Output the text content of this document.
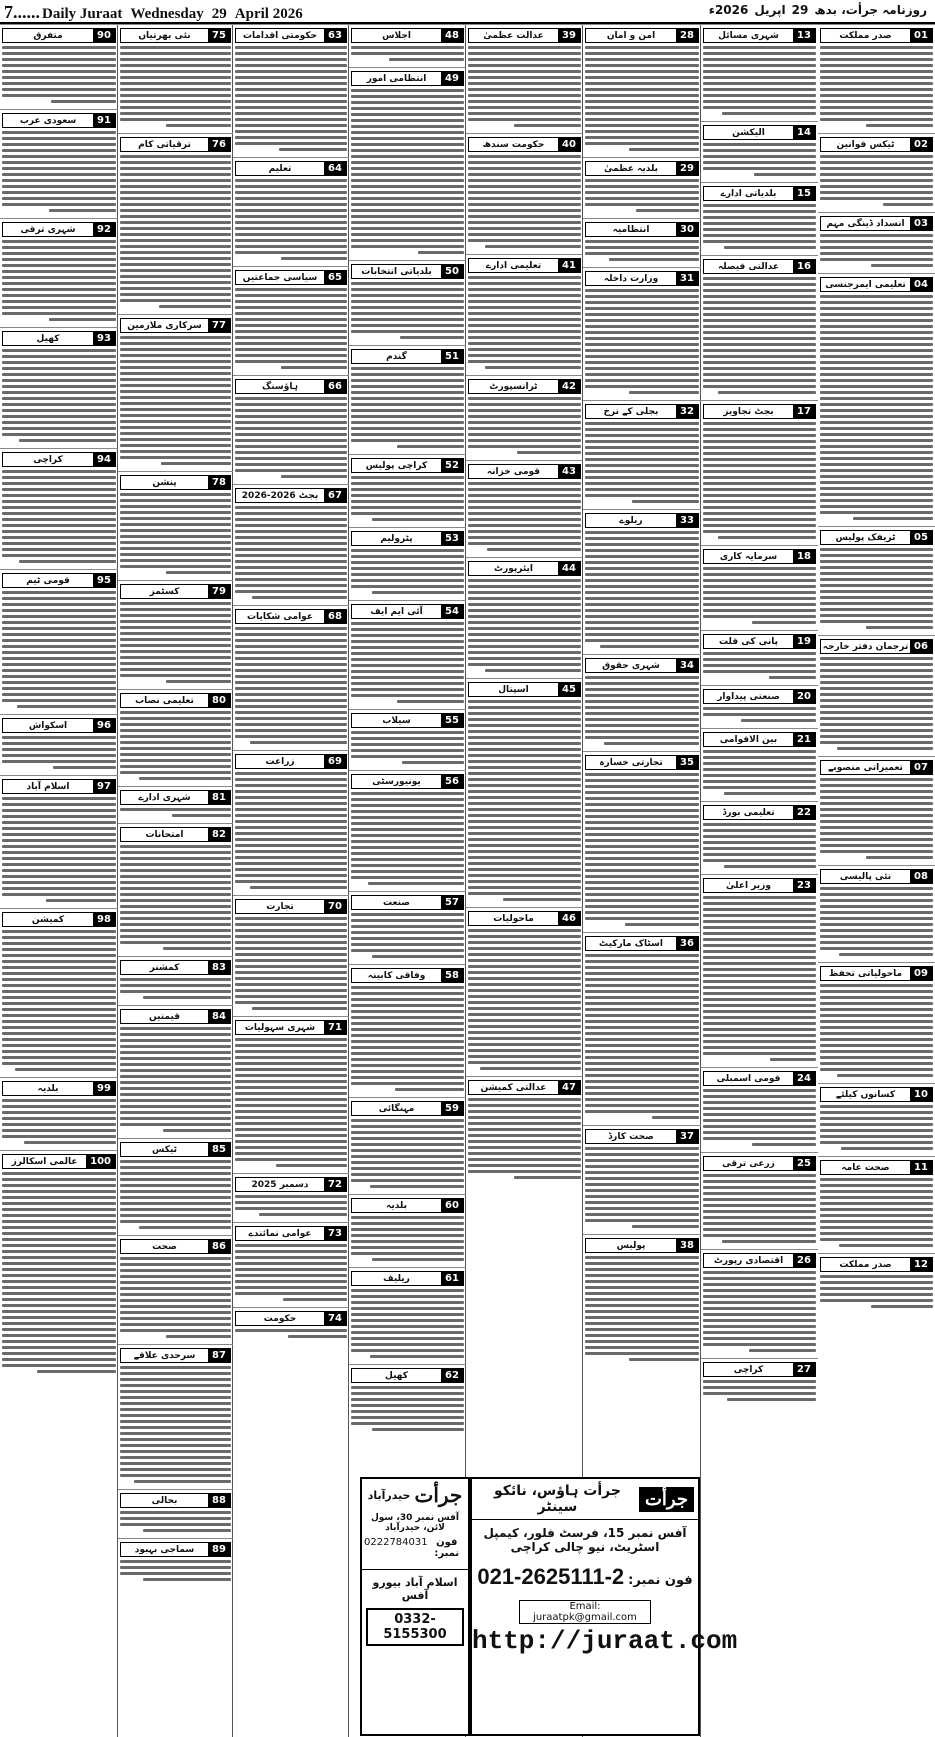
7...... Daily Juraat Wednesday 29 April 2026	روزنامہ جرأت، بدھ29اپریل2026ء
01
صدر مملکت
02
ٹیکس قوانین
03
انسداد ڈینگی مہم
04
تعلیمی ایمرجنسی
05
ٹریفک پولیس
06
ترجمان دفتر خارجہ
07
تعمیراتی منصوبے
08
نئی پالیسی
09
ماحولیاتی تحفظ
10
کسانوں کیلئے
11
صحت عامہ
12
صدر مملکت
13
شہری مسائل
14
الیکشن
15
بلدیاتی ادارے
16
عدالتی فیصلہ
17
بجٹ تجاویز
18
سرمایہ کاری
19
پانی کی قلت
20
صنعتی پیداوار
21
بین الاقوامی
22
تعلیمی بورڈ
23
وزیر اعلیٰ
24
قومی اسمبلی
25
زرعی ترقی
26
اقتصادی رپورٹ
27
کراچی
28
امن و امان
29
بلدیہ عظمیٰ
30
انتظامیہ
31
وزارت داخلہ
32
بجلی کے نرخ
33
ریلوے
34
شہری حقوق
35
تجارتی خسارہ
36
اسٹاک مارکیٹ
37
صحت کارڈ
38
پولیس
39
عدالت عظمیٰ
40
حکومت سندھ
41
تعلیمی ادارے
42
ٹرانسپورٹ
43
قومی خزانہ
44
ایئرپورٹ
45
اسپتال
46
ماحولیات
47
عدالتی کمیشن
48
اجلاس
49
انتظامی امور
50
بلدیاتی انتخابات
51
گندم
52
کراچی پولیس
53
پٹرولیم
54
آئی ایم ایف
55
سیلاب
56
یونیورسٹی
57
صنعت
58
وفاقی کابینہ
59
مہنگائی
60
بلدیہ
61
ریلیف
62
کھیل
63
حکومتی اقدامات
64
تعلیم
65
سیاسی جماعتیں
66
ہاؤسنگ
67
بجٹ 2026-2026
68
عوامی شکایات
69
زراعت
70
تجارت
71
شہری سہولیات
72
دسمبر 2025
73
عوامی نمائندے
74
حکومت
75
نئی بھرتیاں
76
ترقیاتی کام
77
سرکاری ملازمین
78
پنشن
79
کسٹمز
80
تعلیمی نصاب
81
شہری ادارے
82
امتحانات
83
کمشنر
84
قیمتیں
85
ٹیکس
86
صحت
87
سرحدی علاقے
88
بحالی
89
سماجی بہبود
90
متفرق
91
سعودی عرب
92
شہری ترقی
93
کھیل
94
کراچی
95
قومی ٹیم
96
اسکواش
97
اسلام آباد
98
کمیشن
99
بلدیہ
100
عالمی اسکالرز
جرأت
جرأت ہاؤس، نائکو سینٹر
آفس نمبر 15، فرسٹ فلور، کیمپل اسٹریٹ، نیو چالی کراچی
فون نمبر:
021-2625111-2
Email: juraatpk@gmail.com
http://juraat.com
جرأت
حیدرآباد
آفس نمبر 30، سول لائن، حیدرآباد
فون نمبر:
0222784031
اسلام آباد بیورو آفس
0332-5155300
